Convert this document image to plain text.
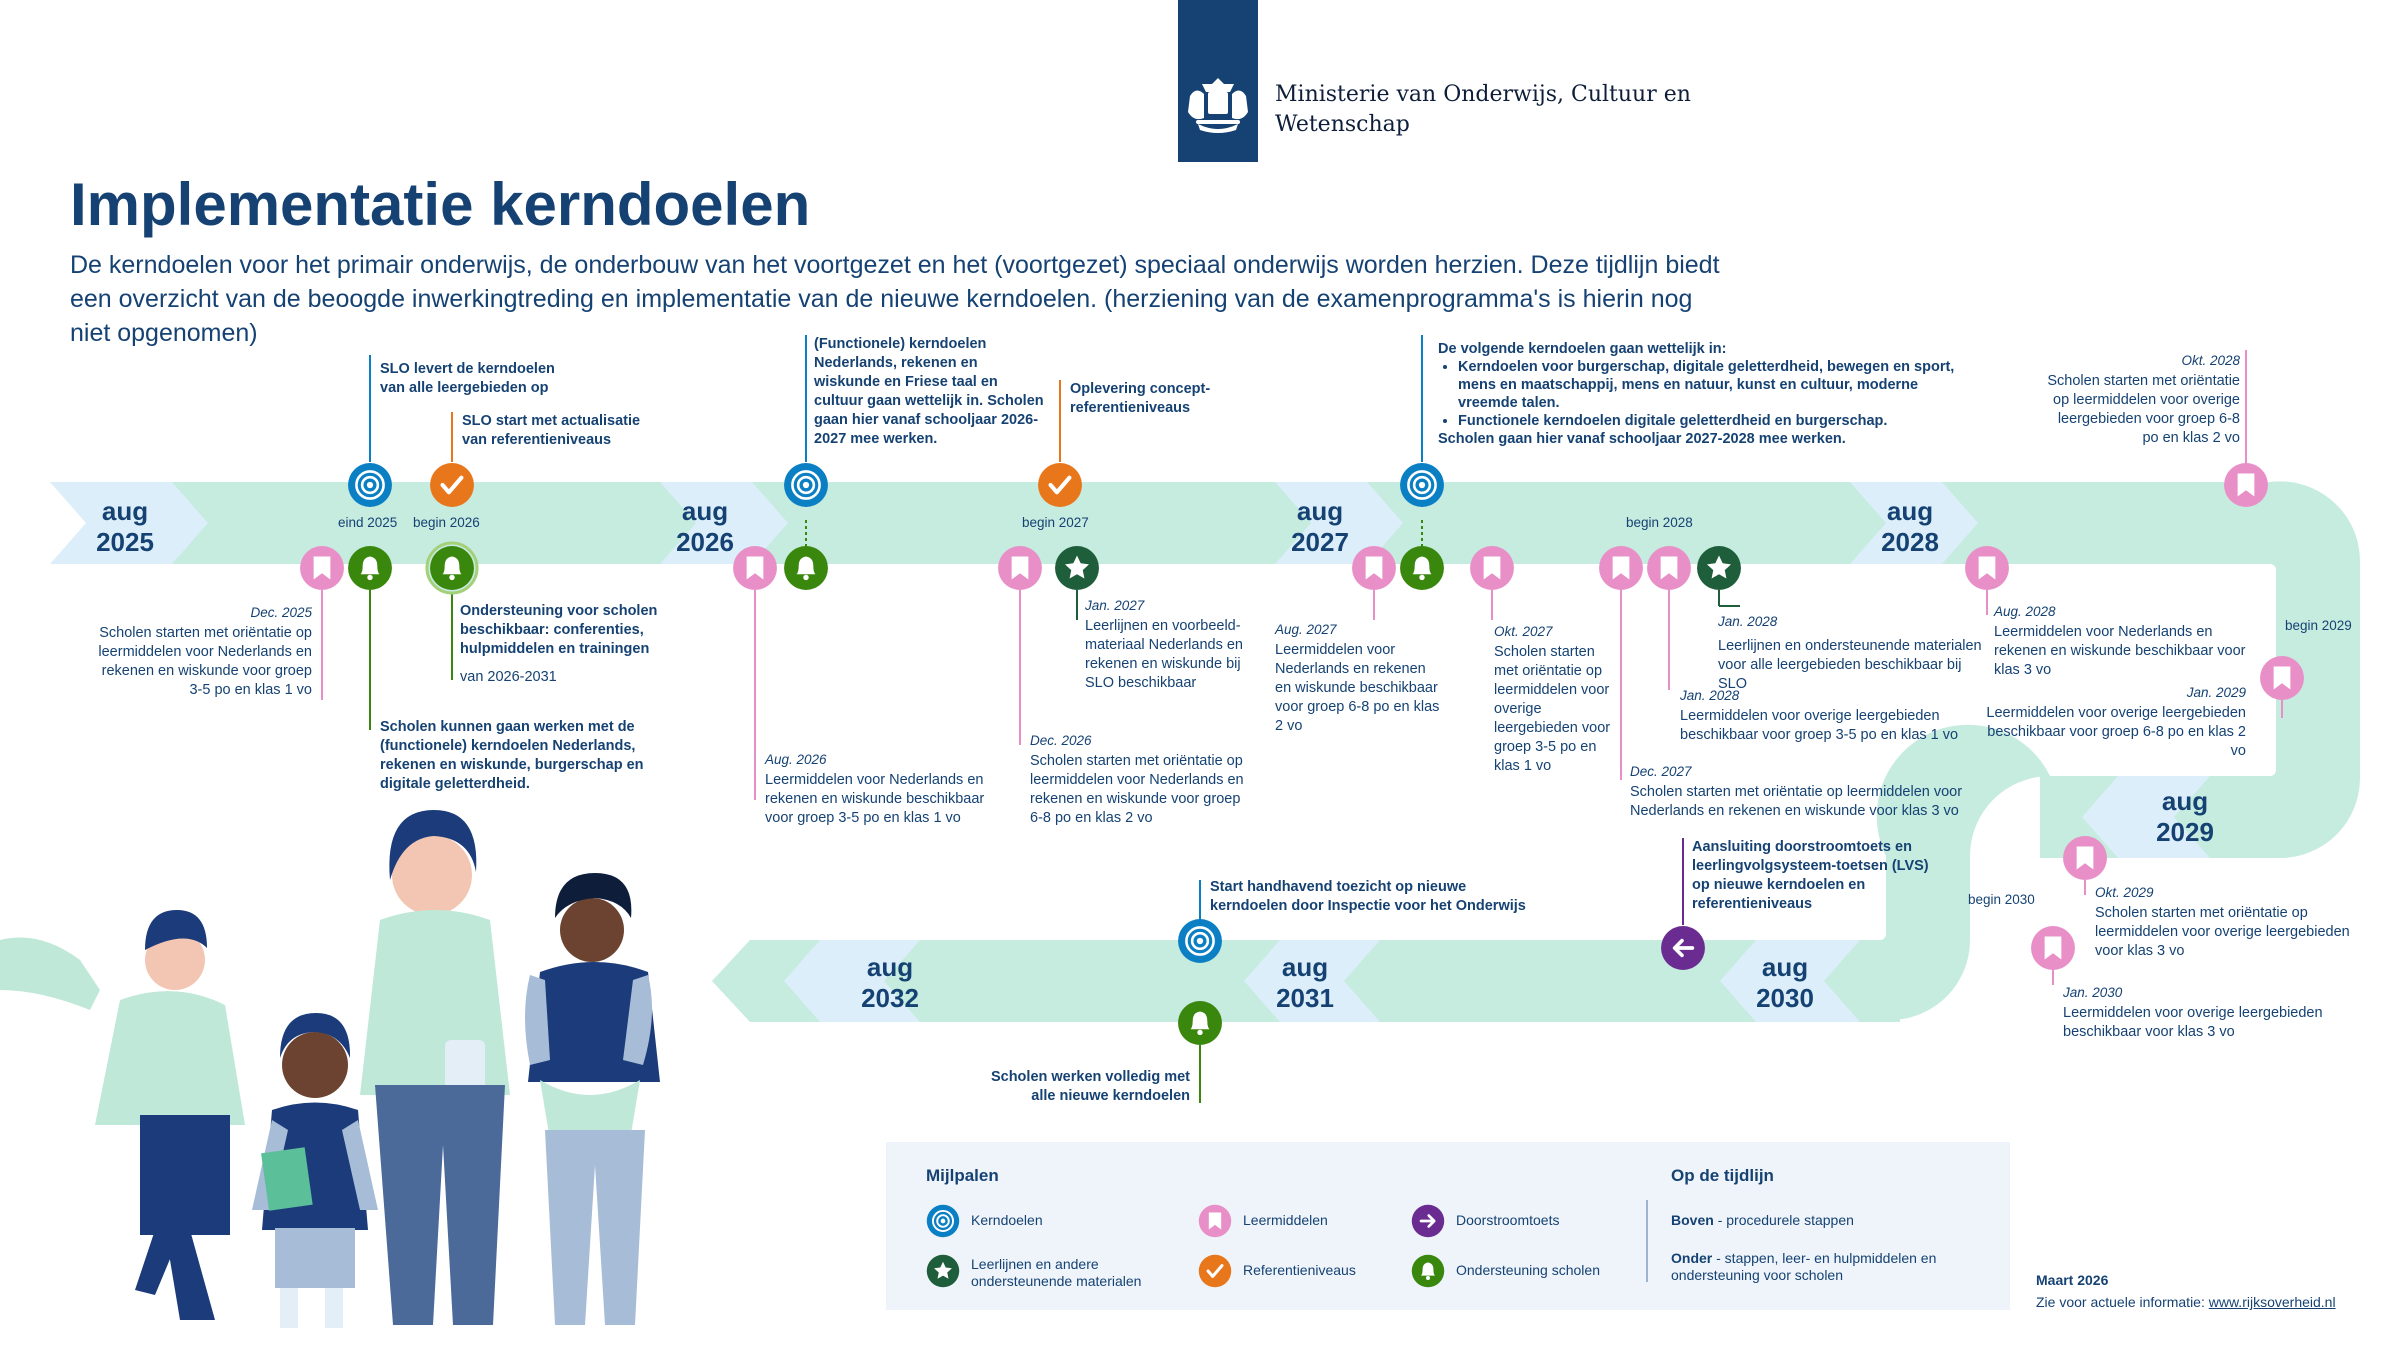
Ministerie van Onderwijs, Cultuur en Wetenschap
Implementatie kerndoelen
De kerndoelen voor het primair onderwijs, de onderbouw van het voortgezet en het (voortgezet) speciaal onderwijs worden herzien. Deze tijdlijn biedt een overzicht van de beoogde inwerkingtreding en implementatie van de nieuwe kerndoelen. (herziening van de examenprogramma's is hierin nog niet opgenomen)
aug
2025
aug
2026
aug
2027
aug
2028
aug
2029
aug
2030
aug
2031
aug
2032
SLO levert de kerndoelen van alle leergebieden op
eind 2025
SLO start met actualisatie van referentieniveaus
begin 2026
(Functionele) kerndoelen Nederlands, rekenen en wiskunde en Friese taal en cultuur gaan wettelijk in. Scholen gaan hier vanaf schooljaar 2026-2027 mee werken.
Oplevering concept-referentieniveaus
begin 2027
De volgende kerndoelen gaan wettelijk in:
• Kerndoelen voor burgerschap, digitale geletterdheid, bewegen en sport, mens en maatschappij, mens en natuur, kunst en cultuur, moderne vreemde talen.
• Functionele kerndoelen digitale geletterdheid en burgerschap.
Scholen gaan hier vanaf schooljaar 2027-2028 mee werken.
begin 2028
Okt. 2028
Scholen starten met oriëntatie op leermiddelen voor overige leergebieden voor groep 6-8 po en klas 2 vo
Dec. 2025
Scholen starten met oriëntatie op leermiddelen voor Nederlands en rekenen en wiskunde voor groep 3-5 po en klas 1 vo
Ondersteuning voor scholen beschikbaar: conferenties, hulpmiddelen en trainingen
van 2026-2031
Scholen kunnen gaan werken met de (functionele) kerndoelen Nederlands, rekenen en wiskunde, burgerschap en digitale geletterdheid.
Aug. 2026
Leermiddelen voor Nederlands en rekenen en wiskunde beschikbaar voor groep 3-5 po en klas 1 vo
Jan. 2027
Leerlijnen en voorbeeld-materiaal Nederlands en rekenen en wiskunde bij SLO beschikbaar
Dec. 2026
Scholen starten met oriëntatie op leermiddelen voor Nederlands en rekenen en wiskunde voor groep 6-8 po en klas 2 vo
Aug. 2027
Leermiddelen voor Nederlands en rekenen en wiskunde beschikbaar voor groep 6-8 po en klas 2 vo
Okt. 2027
Scholen starten met oriëntatie op leermiddelen voor overige leergebieden voor groep 3-5 po en klas 1 vo
Jan. 2028
Leerlijnen en ondersteunende materialen voor alle leergebieden beschikbaar bij SLO
Jan. 2028
Leermiddelen voor overige leergebieden beschikbaar voor groep 3-5 po en klas 1 vo
Dec. 2027
Scholen starten met oriëntatie op leermiddelen voor Nederlands en rekenen en wiskunde voor klas 3 vo
Aug. 2028
Leermiddelen voor Nederlands en rekenen en wiskunde beschikbaar voor klas 3 vo
begin 2029
Jan. 2029
Leermiddelen voor overige leergebieden beschikbaar voor groep 6-8 po en klas 2 vo
Okt. 2029
Scholen starten met oriëntatie op leermiddelen voor overige leergebieden voor klas 3 vo
begin 2030
Jan. 2030
Leermiddelen voor overige leergebieden beschikbaar voor klas 3 vo
Aansluiting doorstroomtoets en leerlingvolgsysteem-toetsen (LVS) op nieuwe kerndoelen en referentieniveaus
Start handhavend toezicht op nieuwe kerndoelen door Inspectie voor het Onderwijs
Scholen werken volledig met alle nieuwe kerndoelen
Mijlpalen	Op de tijdlijn
Kerndoelen	Leermiddelen	Doorstroomtoets
Leerlijnen en andere ondersteunende materialen
Referentieniveaus	Ondersteuning scholen
Boven - procedurele stappen
Onder - stappen, leer- en hulpmiddelen en ondersteuning voor scholen	Maart 2026
Zie voor actuele informatie: www.rijksoverheid.nl
